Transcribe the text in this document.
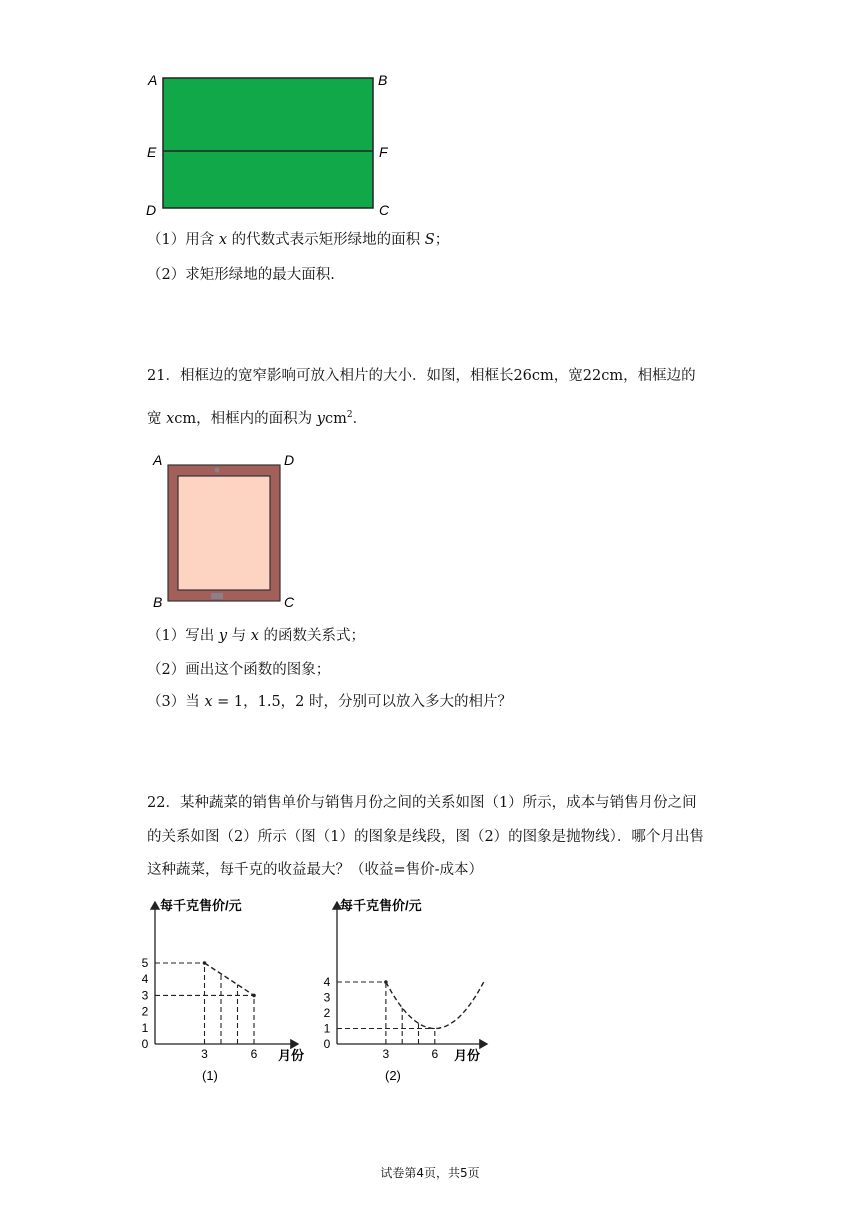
A	B
E	F
D	C
（1）用含 x 的代数式表示矩形绿地的面积 S；
（2）求矩形绿地的最大面积.
21．相框边的宽窄影响可放入相片的大小．如图，相框长26cm，宽22cm，相框边的
宽 xcm，相框内的面积为 ycm$^2$．
A	D
B	C
（1）写出 y 与 x 的函数关系式；
（2）画出这个函数的图象；
（3）当 x = 1，1.5，2 时，分别可以放入多大的相片？
22．某种蔬菜的销售单价与销售月份之间的关系如图（1）所示，成本与销售月份之间
的关系如图（2）所示（图（1）的图象是线段，图（2）的图象是抛物线）．哪个月出售
这种蔬菜，每千克的收益最大？（收益=售价-成本）
每千克售价/元
5
4
3
2
1
0
3	6 月份
(1)
每千克售价/元
4
3
2
1
0
3	6 月份
(2)
试卷第4页，共5页
